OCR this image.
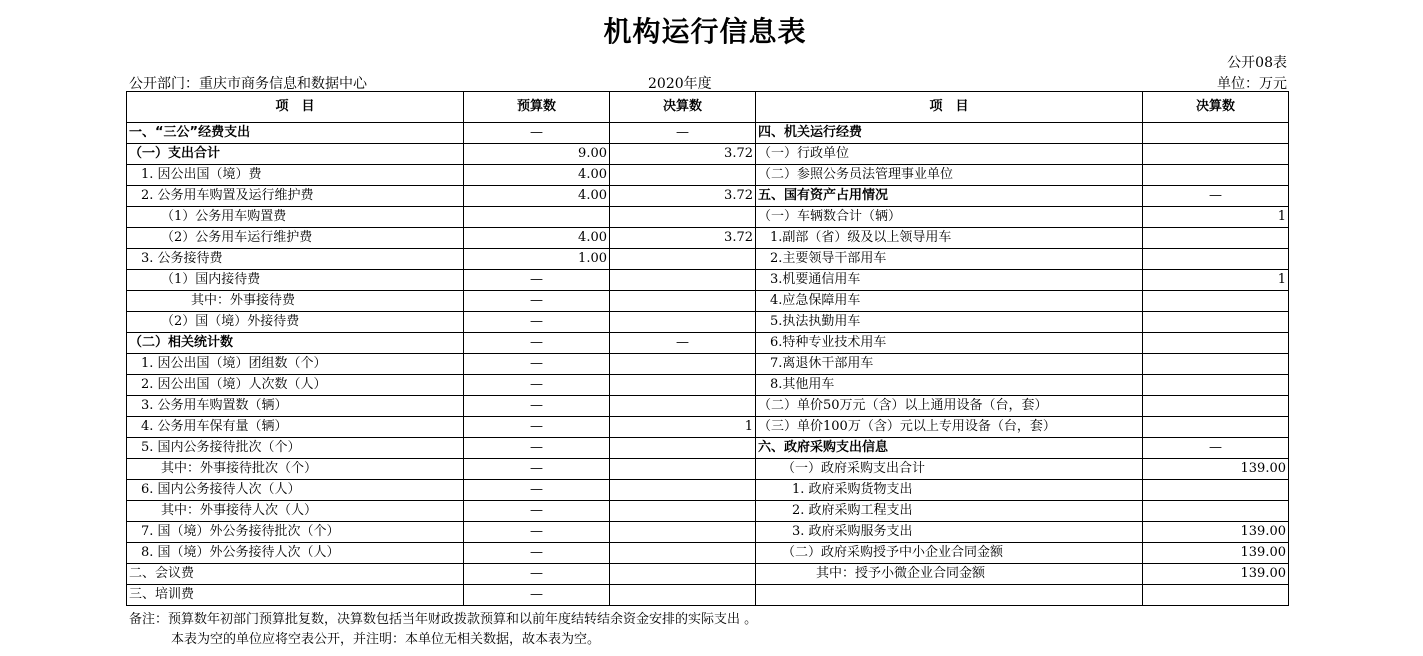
机构运行信息表
公开08表
公开部门：重庆市商务信息和数据中心	2020年度	单位：万元
项　目	预算数	决算数	项　目	决算数
一、“三公”经费支出	—	—	四、机关运行经费	
（一）支出合计	9.00	3.72	（一）行政单位	
1. 因公出国（境）费	4.00		（二）参照公务员法管理事业单位	
2. 公务用车购置及运行维护费	4.00	3.72	五、国有资产占用情况	—
（1）公务用车购置费			（一）车辆数合计（辆）	1
（2）公务用车运行维护费	4.00	3.72	1.副部（省）级及以上领导用车	
3. 公务接待费	1.00		2.主要领导干部用车	
（1）国内接待费	—		3.机要通信用车	1
其中：外事接待费	—		4.应急保障用车	
（2）国（境）外接待费	—		5.执法执勤用车	
（二）相关统计数	—	—	6.特种专业技术用车	
1. 因公出国（境）团组数（个）	—		7.离退休干部用车	
2. 因公出国（境）人次数（人）	—		8.其他用车	
3. 公务用车购置数（辆）	—		（二）单价50万元（含）以上通用设备（台，套）	
4. 公务用车保有量（辆）	—	1	（三）单价100万（含）元以上专用设备（台，套）	
5. 国内公务接待批次（个）	—		六、政府采购支出信息	—
其中：外事接待批次（个）	—		（一）政府采购支出合计	139.00
6. 国内公务接待人次（人）	—		1. 政府采购货物支出	
其中：外事接待人次（人）	—		2. 政府采购工程支出	
7. 国（境）外公务接待批次（个）	—		3. 政府采购服务支出	139.00
8. 国（境）外公务接待人次（人）	—		（二）政府采购授予中小企业合同金额	139.00
二、会议费	—		其中：授予小微企业合同金额	139.00
三、培训费	—			
备注：预算数年初部门预算批复数，决算数包括当年财政拨款预算和以前年度结转结余资金安排的实际支出 。
本表为空的单位应将空表公开，并注明：本单位无相关数据，故本表为空。
